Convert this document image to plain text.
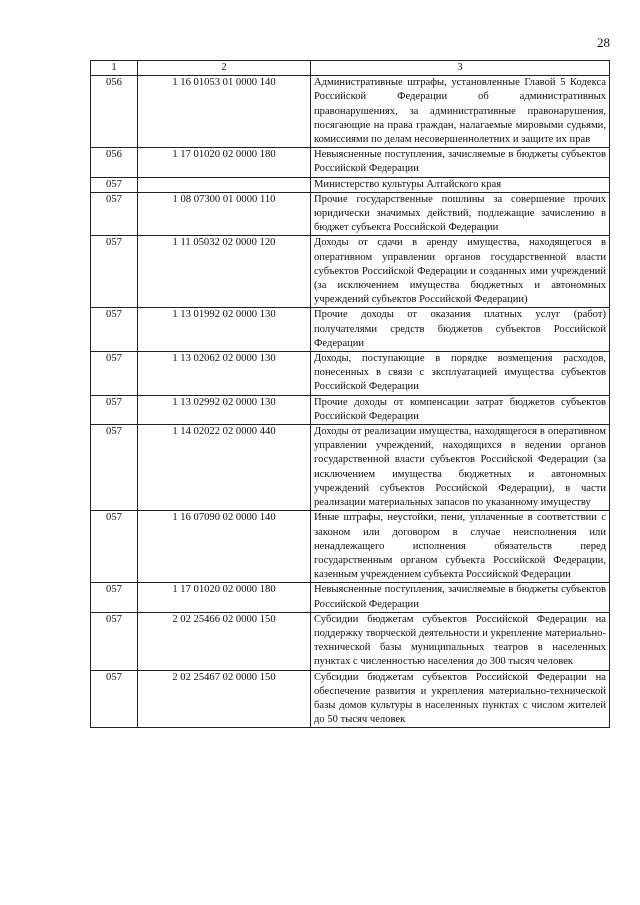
28
1	2	3
056	1 16 01053 01 0000 140	Административные штрафы, установленные Главой 5 Кодекса Российской Федерации об административных правонарушениях, за административные правонарушения, посягающие на права граждан, налагаемые мировыми судьями, комиссиями по делам несовершеннолетних и защите их прав
056	1 17 01020 02 0000 180	Невыясненные поступления, зачисляемые в бюджеты субъектов Российской Федерации
057		Министерство культуры Алтайского края
057	1 08 07300 01 0000 110	Прочие государственные пошлины за совершение прочих юридически значимых действий, подлежащие зачислению в бюджет субъекта Российской Федерации
057	1 11 05032 02 0000 120	Доходы от сдачи в аренду имущества, находящегося в оперативном управлении органов государственной власти субъектов Российской Федерации и созданных ими учреждений (за исключением имущества бюджетных и автономных учреждений субъектов Российской Федерации)
057	1 13 01992 02 0000 130	Прочие доходы от оказания платных услуг (работ) получателями средств бюджетов субъектов Российской Федерации
057	1 13 02062 02 0000 130	Доходы, поступающие в порядке возмещения расходов, понесенных в связи с эксплуатацией имущества субъектов Российской Федерации
057	1 13 02992 02 0000 130	Прочие доходы от компенсации затрат бюджетов субъектов Российской Федерации
057	1 14 02022 02 0000 440	Доходы от реализации имущества, находящегося в оперативном управлении учреждений, находящихся в ведении органов государственной власти субъектов Российской Федерации (за исключением имущества бюджетных и автономных учреждений субъектов Российской Федерации), в части реализации материальных запасов по указанному имуществу
057	1 16 07090 02 0000 140	Иные штрафы, неустойки, пени, уплаченные в соответствии с законом или договором в случае неисполнения или ненадлежащего исполнения обязательств перед государственным органом субъекта Российской Федерации, казенным учреждением субъекта Российской Федерации
057	1 17 01020 02 0000 180	Невыясненные поступления, зачисляемые в бюджеты субъектов Российской Федерации
057	2 02 25466 02 0000 150	Субсидии бюджетам субъектов Российской Федерации на поддержку творческой деятельности и укрепление материально-технической базы муниципальных театров в населенных пунктах с численностью населения до 300 тысяч человек
057	2 02 25467 02 0000 150	Субсидии бюджетам субъектов Российской Федерации на обеспечение развития и укрепления материально-технической базы домов культуры в населенных пунктах с числом жителей до 50 тысяч человек
